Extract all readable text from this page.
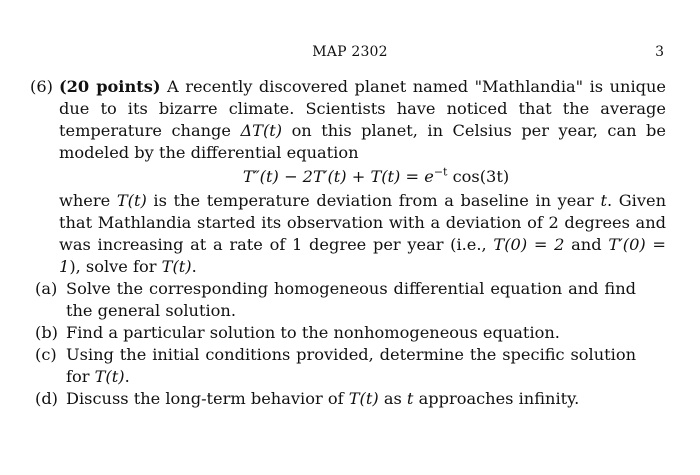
MAP 2302	3
(6) (20 points) A recently discovered planet named "Mathlandia" is unique due to its bizarre climate. Scientists have noticed that the average temperature change ΔT(t) on this planet, in Celsius per year, can be modeled by the differential equation
$T''(t) - 2T'(t) + T(t) = e^{-t}$ cos(3t)
where T(t) is the temperature deviation from a baseline in year t. Given that Mathlandia started its observation with a deviation of 2 degrees and was increasing at a rate of 1 degree per year (i.e., T(0) = 2 and T′(0) = 1), solve for T(t).
(a) Solve the corresponding homogeneous differential equation and find the general solution.
(b) Find a particular solution to the nonhomogeneous equation.
(c) Using the initial conditions provided, determine the specific solution for T(t).
(d) Discuss the long-term behavior of T(t) as t approaches infinity.
